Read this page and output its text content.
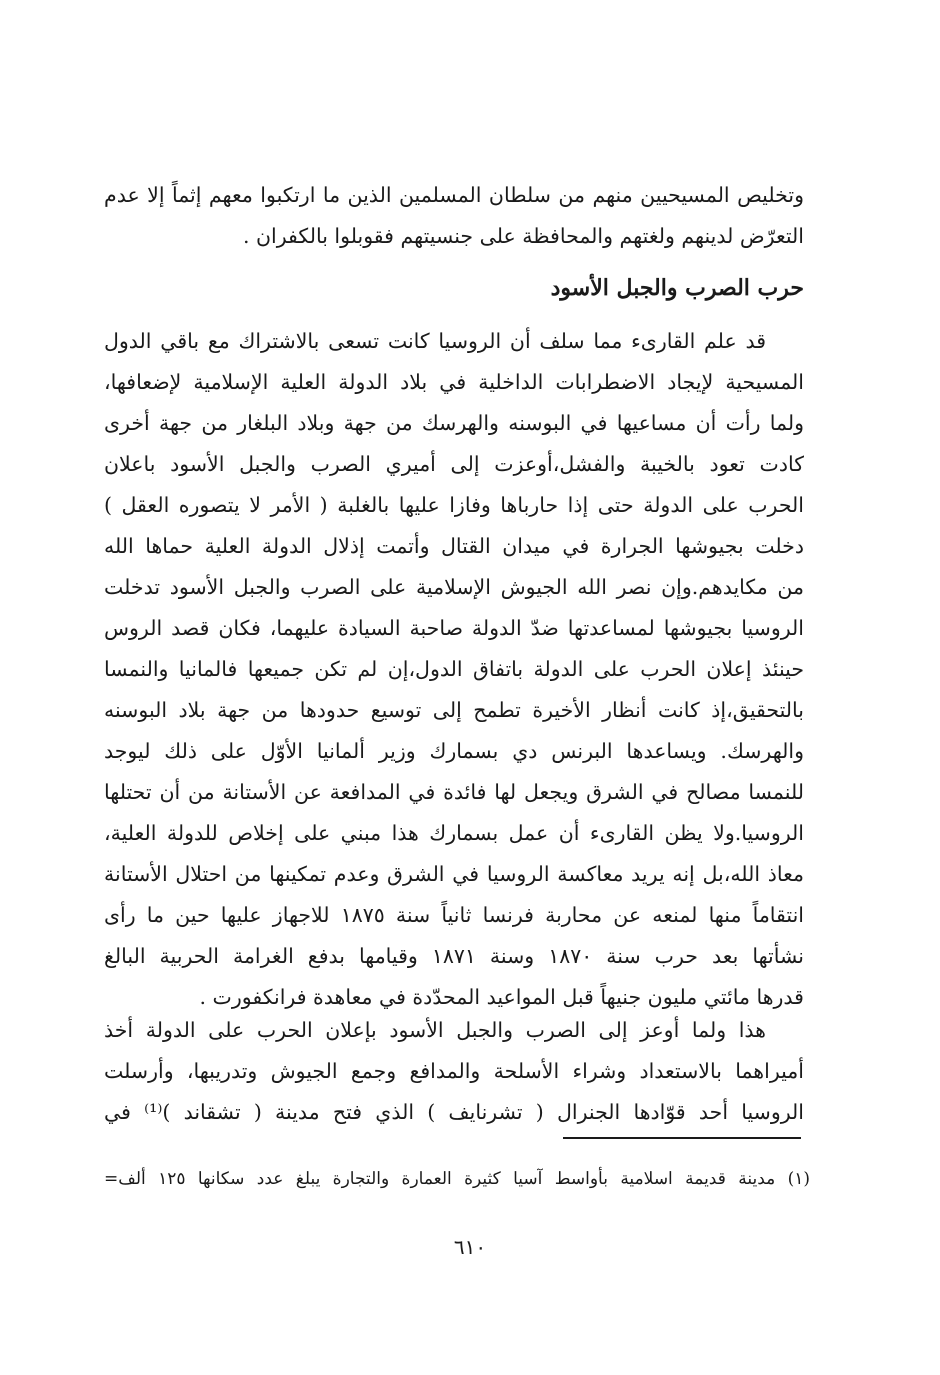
وتخليص المسيحيين منهم من سلطان المسلمين الذين ما ارتكبوا معهم إثماً إلا عدم
التعرّض لدينهم ولغتهم والمحافظة على جنسيتهم فقوبلوا بالكفران .
حرب الصرب والجبل الأسود
قد علم القارىء مما سلف أن الروسيا كانت تسعى بالاشتراك مع باقي الدول
المسيحية لإيجاد الاضطرابات الداخلية في بلاد الدولة العلية الإسلامية لإضعافها،
ولما رأت أن مساعيها في البوسنه والهرسك من جهة وبلاد البلغار من جهة أخرى
كادت تعود بالخيبة والفشل،أوعزت إلى أميري الصرب والجبل الأسود باعلان
الحرب على الدولة حتى إذا حارباها وفازا عليها بالغلبة ( الأمر لا يتصوره العقل )
دخلت بجيوشها الجرارة في ميدان القتال وأتمت إذلال الدولة العلية حماها الله
من مكايدهم.وإن نصر الله الجيوش الإسلامية على الصرب والجبل الأسود تدخلت
الروسيا بجيوشها لمساعدتها ضدّ الدولة صاحبة السيادة عليهما، فكان قصد الروس
حينئذ إعلان الحرب على الدولة باتفاق الدول،إن لم تكن جميعها فالمانيا والنمسا
بالتحقيق،إذ كانت أنظار الأخيرة تطمح إلى توسيع حدودها من جهة بلاد البوسنه
والهرسك. ويساعدها البرنس دي بسمارك وزير ألمانيا الأوّل على ذلك ليوجد
للنمسا مصالح في الشرق ويجعل لها فائدة في المدافعة عن الأستانة من أن تحتلها
الروسيا.ولا يظن القارىء أن عمل بسمارك هذا مبني على إخلاص للدولة العلية،
معاذ الله،بل إنه يريد معاكسة الروسيا في الشرق وعدم تمكينها من احتلال الأستانة
انتقاماً منها لمنعه عن محاربة فرنسا ثانياً سنة ١٨٧٥ للاجهاز عليها حين ما رأى
نشأتها بعد حرب سنة ١٨٧٠ وسنة ١٨٧١ وقيامها بدفع الغرامة الحربية البالغ
قدرها مائتي مليون جنيهاً قبل المواعيد المحدّدة في معاهدة فرانكفورت .
هذا ولما أوعز إلى الصرب والجبل الأسود بإعلان الحرب على الدولة أخذ
أميراهما بالاستعداد وشراء الأسلحة والمدافع وجمع الجيوش وتدريبها، وأرسلت
الروسيا أحد قوّادها الجنرال ( تشرنايف ) الذي فتح مدينة ( تشقاند )⁽¹⁾ في
(١) مدينة قديمة اسلامية بأواسط آسيا كثيرة العمارة والتجارة يبلغ عدد سكانها ١٢٥ ألف=
٦١٠
